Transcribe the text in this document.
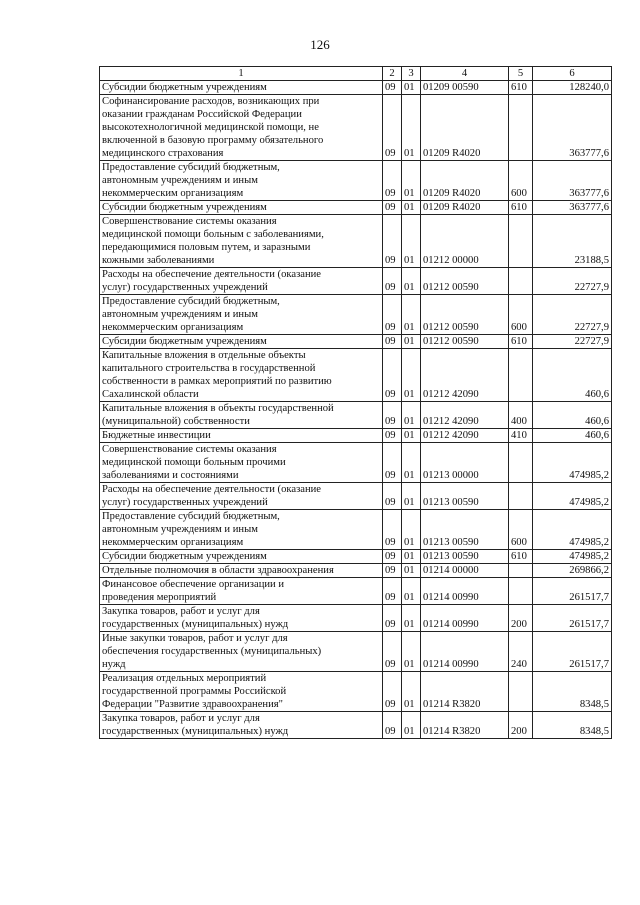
126
1	2	3	4	5	6
Субсидии бюджетным учреждениям	09	01	01209 00590	610	128240,0
Софинансирование расходов, возникающих при
оказании гражданам Российской Федерации
высокотехнологичной медицинской помощи, не
включенной в базовую программу обязательного
медицинского страхования	09	01	01209 R4020		363777,6
Предоставление субсидий бюджетным,
автономным учреждениям и иным
некоммерческим организациям	09	01	01209 R4020	600	363777,6
Субсидии бюджетным учреждениям	09	01	01209 R4020	610	363777,6
Совершенствование системы оказания
медицинской помощи больным с заболеваниями,
передающимися половым путем, и заразными
кожными заболеваниями	09	01	01212 00000		23188,5
Расходы на обеспечение деятельности (оказание
услуг) государственных учреждений	09	01	01212 00590		22727,9
Предоставление субсидий бюджетным,
автономным учреждениям и иным
некоммерческим организациям	09	01	01212 00590	600	22727,9
Субсидии бюджетным учреждениям	09	01	01212 00590	610	22727,9
Капитальные вложения в отдельные объекты
капитального строительства в государственной
собственности в рамках мероприятий по развитию
Сахалинской области	09	01	01212 42090		460,6
Капитальные вложения в объекты государственной
(муниципальной) собственности	09	01	01212 42090	400	460,6
Бюджетные инвестиции	09	01	01212 42090	410	460,6
Совершенствование системы оказания
медицинской помощи больным прочими
заболеваниями и состояниями	09	01	01213 00000		474985,2
Расходы на обеспечение деятельности (оказание
услуг) государственных учреждений	09	01	01213 00590		474985,2
Предоставление субсидий бюджетным,
автономным учреждениям и иным
некоммерческим организациям	09	01	01213 00590	600	474985,2
Субсидии бюджетным учреждениям	09	01	01213 00590	610	474985,2
Отдельные полномочия в области здравоохранения	09	01	01214 00000		269866,2
Финансовое обеспечение организации и
проведения мероприятий	09	01	01214 00990		261517,7
Закупка товаров, работ и услуг для
государственных (муниципальных) нужд	09	01	01214 00990	200	261517,7
Иные закупки товаров, работ и услуг для
обеспечения государственных (муниципальных)
нужд	09	01	01214 00990	240	261517,7
Реализация отдельных мероприятий
государственной программы Российской
Федерации "Развитие здравоохранения"	09	01	01214 R3820		8348,5
Закупка товаров, работ и услуг для
государственных (муниципальных) нужд	09	01	01214 R3820	200	8348,5
